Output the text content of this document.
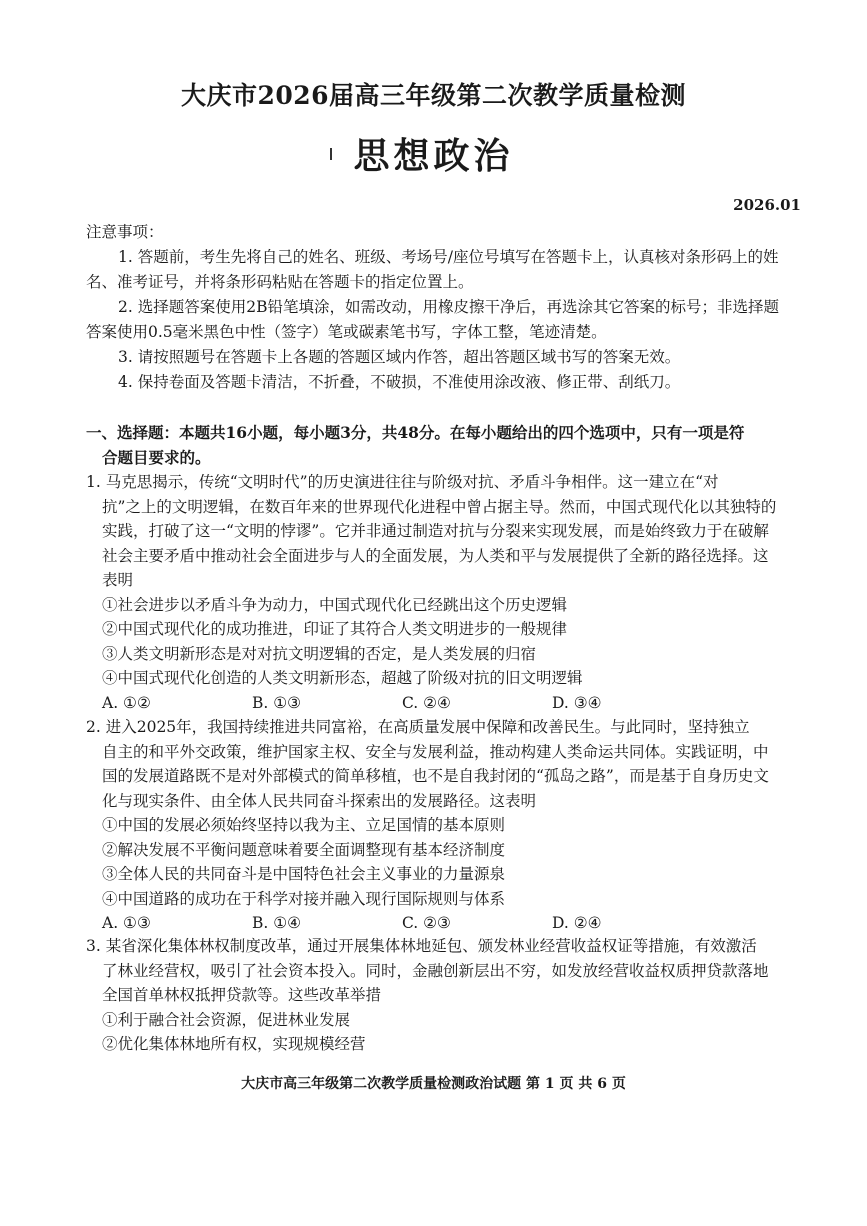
大庆市2026届高三年级第二次教学质量检测
思想政治
2026.01

注意事项：

1. 答题前，考生先将自己的姓名、班级、考场号/座位号填写在答题卡上，认真核对条形码上的姓名、准考证号，并将条形码粘贴在答题卡的指定位置上。

2. 选择题答案使用2B铅笔填涂，如需改动，用橡皮擦干净后，再选涂其它答案的标号；非选择题答案使用0.5毫米黑色中性（签字）笔或碳素笔书写，字体工整，笔迹清楚。

3. 请按照题号在答题卡上各题的答题区域内作答，超出答题区域书写的答案无效。

4. 保持卷面及答题卡清洁，不折叠，不破损，不准使用涂改液、修正带、刮纸刀。

一、选择题：本题共16小题，每小题3分，共48分。在每小题给出的四个选项中，只有一项是符

合题目要求的。

1. 马克思揭示，传统“文明时代”的历史演进往往与阶级对抗、矛盾斗争相伴。这一建立在“对

抗”之上的文明逻辑，在数百年来的世界现代化进程中曾占据主导。然而，中国式现代化以其独特的实践，打破了这一“文明的悖谬”。它并非通过制造对抗与分裂来实现发展，而是始终致力于在破解社会主要矛盾中推动社会全面进步与人的全面发展，为人类和平与发展提供了全新的路径选择。这表明

①社会进步以矛盾斗争为动力，中国式现代化已经跳出这个历史逻辑

②中国式现代化的成功推进，印证了其符合人类文明进步的一般规律

③人类文明新形态是对对抗文明逻辑的否定，是人类发展的归宿

④中国式现代化创造的人类文明新形态，超越了阶级对抗的旧文明逻辑

A. ①②	B. ①③	C. ②④	D. ③④

2. 进入2025年，我国持续推进共同富裕，在高质量发展中保障和改善民生。与此同时，坚持独立

自主的和平外交政策，维护国家主权、安全与发展利益，推动构建人类命运共同体。实践证明，中国的发展道路既不是对外部模式的简单移植，也不是自我封闭的“孤岛之路”，而是基于自身历史文化与现实条件、由全体人民共同奋斗探索出的发展路径。这表明

①中国的发展必须始终坚持以我为主、立足国情的基本原则

②解决发展不平衡问题意味着要全面调整现有基本经济制度

③全体人民的共同奋斗是中国特色社会主义事业的力量源泉

④中国道路的成功在于科学对接并融入现行国际规则与体系

A. ①③	B. ①④	C. ②③	D. ②④

3. 某省深化集体林权制度改革，通过开展集体林地延包、颁发林业经营收益权证等措施，有效激活

了林业经营权，吸引了社会资本投入。同时，金融创新层出不穷，如发放经营收益权质押贷款落地全国首单林权抵押贷款等。这些改革举措

①利于融合社会资源，促进林业发展

②优化集体林地所有权，实现规模经营

大庆市高三年级第二次教学质量检测政治试题 第 1 页 共 6 页
